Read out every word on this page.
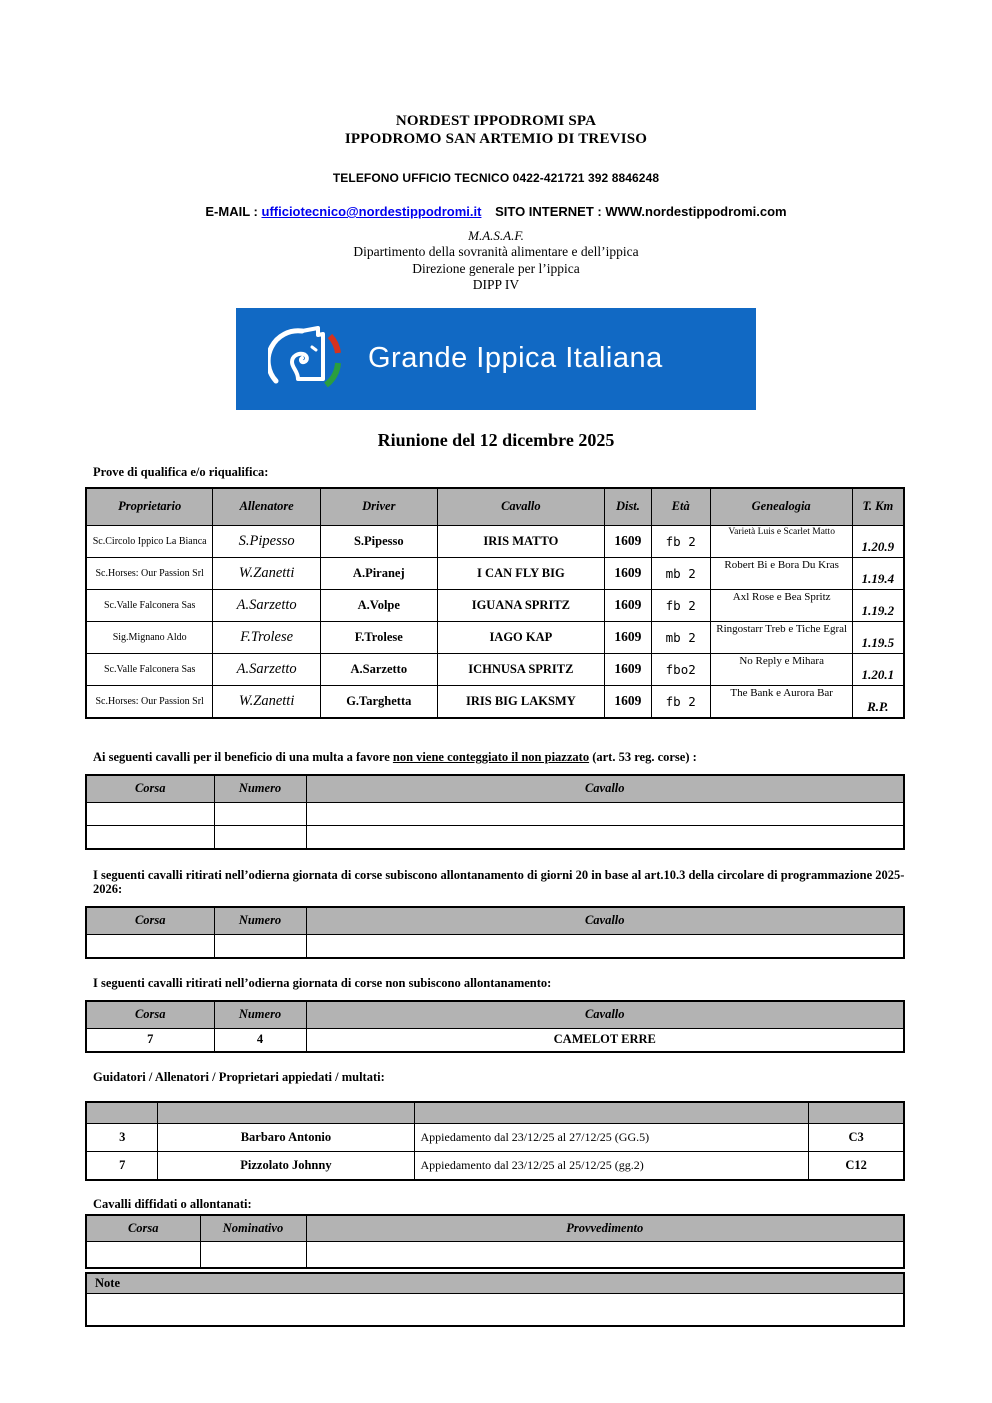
NORDEST IPPODROMI SPA
IPPODROMO SAN ARTEMIO DI TREVISO
TELEFONO UFFICIO TECNICO 0422-421721 392 8846248
E-MAIL : ufficiotecnico@nordestippodromi.it SITO INTERNET : WWW.nordestippodromi.com
M.A.S.A.F.
Dipartimento della sovranità alimentare e dell’ippica
Direzione generale per l’ippica
DIPP IV
Grande Ippica Italiana
Riunione del 12 dicembre 2025
Prove di qualifica e/o riqualifica:
Proprietario	Allenatore	Driver	Cavallo	Dist.	Età	Genealogia	T. Km
Sc.Circolo Ippico La Bianca	S.Pipesso	S.Pipesso	IRIS MATTO	1609	fb 2	Varietà Luis e Scarlet Matto	1.20.9
Sc.Horses: Our Passion Srl	W.Zanetti	A.Piranej	I CAN FLY BIG	1609	mb 2	Robert Bi e Bora Du Kras	1.19.4
Sc.Valle Falconera Sas	A.Sarzetto	A.Volpe	IGUANA SPRITZ	1609	fb 2	Axl Rose e Bea Spritz	1.19.2
Sig.Mignano Aldo	F.Trolese	F.Trolese	IAGO KAP	1609	mb 2	Ringostarr Treb e Tiche Egral	1.19.5
Sc.Valle Falconera Sas	A.Sarzetto	A.Sarzetto	ICHNUSA SPRITZ	1609	fbo2	No Reply e Mihara	1.20.1
Sc.Horses: Our Passion Srl	W.Zanetti	G.Targhetta	IRIS BIG LAKSMY	1609	fb 2	The Bank e Aurora Bar	R.P.
Ai seguenti cavalli per il beneficio di una multa a favore non viene conteggiato il non piazzato (art. 53 reg. corse) :
Corsa	Numero	Cavallo

I seguenti cavalli ritirati nell’odierna giornata di corse subiscono allontanamento di giorni 20 in base al art.10.3 della circolare di programmazione 2025-2026:
Corsa	Numero	Cavallo

I seguenti cavalli ritirati nell’odierna giornata di corse non subiscono allontanamento:
Corsa	Numero	Cavallo
7	4	CAMELOT ERRE
Guidatori / Allenatori / Proprietari appiedati / multati:

3	Barbaro Antonio	Appiedamento dal 23/12/25 al 27/12/25 (GG.5)	C3
7	Pizzolato Johnny	Appiedamento dal 23/12/25 al 25/12/25 (gg.2)	C12
Cavalli diffidati o allontanati:
Corsa	Nominativo	Provvedimento

Note
